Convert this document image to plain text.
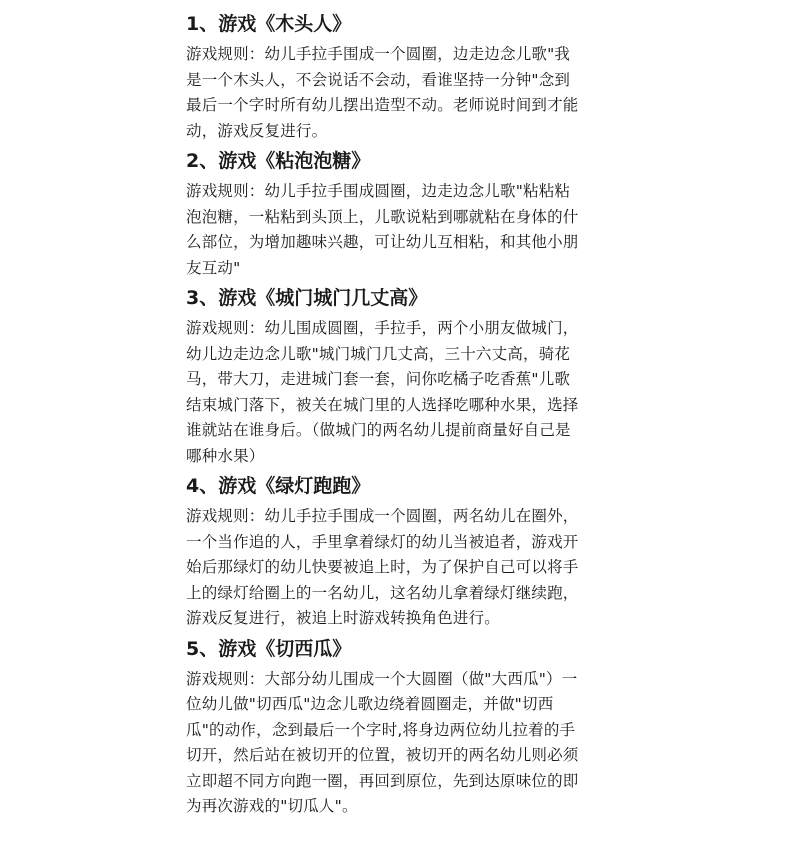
1、游戏《木头人》
游戏规则：幼儿手拉手围成一个圆圈，边走边念儿歌"我
是一个木头人，不会说话不会动，看谁坚持一分钟"念到
最后一个字时所有幼儿摆出造型不动。老师说时间到才能
动，游戏反复进行。
2、游戏《粘泡泡糖》
游戏规则：幼儿手拉手围成圆圈，边走边念儿歌"粘粘粘
泡泡糖，一粘粘到头顶上，儿歌说粘到哪就粘在身体的什
么部位，为增加趣味兴趣，可让幼儿互相粘，和其他小朋
友互动"
3、游戏《城门城门几丈高》
游戏规则：幼儿围成圆圈，手拉手，两个小朋友做城门，
幼儿边走边念儿歌"城门城门几丈高，三十六丈高，骑花
马，带大刀，走进城门套一套，问你吃橘子吃香蕉"儿歌
结束城门落下，被关在城门里的人选择吃哪种水果，选择
谁就站在谁身后。（做城门的两名幼儿提前商量好自己是
哪种水果）
4、游戏《绿灯跑跑》
游戏规则：幼儿手拉手围成一个圆圈，两名幼儿在圈外，
一个当作追的人，手里拿着绿灯的幼儿当被追者，游戏开
始后那绿灯的幼儿快要被追上时，为了保护自己可以将手
上的绿灯给圈上的一名幼儿，这名幼儿拿着绿灯继续跑，
游戏反复进行，被追上时游戏转换角色进行。
5、游戏《切西瓜》
游戏规则：大部分幼儿围成一个大圆圈（做"大西瓜"）一
位幼儿做"切西瓜"边念儿歌边绕着圆圈走，并做"切西
瓜"的动作，念到最后一个字时,将身边两位幼儿拉着的手
切开，然后站在被切开的位置，被切开的两名幼儿则必须
立即超不同方向跑一圈，再回到原位，先到达原味位的即
为再次游戏的"切瓜人"。
